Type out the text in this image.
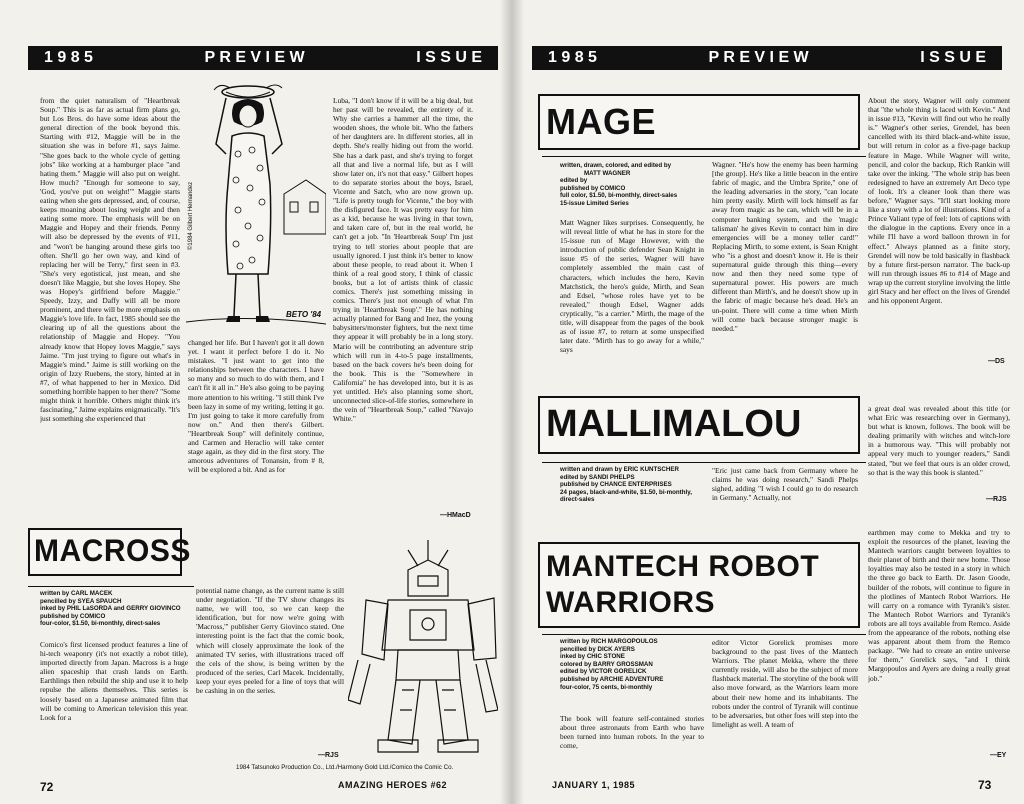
1 9 8 5	P R E V I E W	I S S U E
from the quiet naturalism of "Heartbreak Soup." This is as far as actual firm plans go, but Los Bros. do have some ideas about the general direction of the book beyond this. Starting with #12, Maggie will be in the situation she was in before #1, says Jaime. "She goes back to the whole cycle of getting jobs" like working at a hamburger place "and hating them." Maggie will also put on weight. How much? "Enough for someone to say, 'God, you've put on weight!'" Maggie starts eating when she gets depressed, and, of course, keeps moaning about losing weight and then eating some more. The emphasis will be on Maggie and Hopey and their friends. Penny will also be depressed by the events of #11, and "won't be hanging around these girls too often. She'll go her own way, and kind of replacing her will be Terry," first seen in #3. "She's very egotistical, just mean, and she doesn't like Maggie, but she loves Hopey. She was Hopey's girlfriend before Maggie." Speedy, Izzy, and Daffy will all be more prominent, and there will be more emphasis on Maggie's love life. In fact, 1985 should see the clearing up of all the questions about the relationship of Maggie and Hopey. "You already know that Hopey loves Maggie," says Jaime. "I'm just trying to figure out what's in Maggie's mind." Jaime is still working on the origin of Izzy Ruebens, the story, hinted at in #7, of what happened to her in Mexico. Did something horrible happen to her there? "Some might think it horrible. Others might think it's fascinating," Jaime explains enigmatically. "It's just something she experienced that
©1984 Gilbert Hernandez
BETO '84
changed her life. But I haven't got it all down yet. I want it perfect before I do it. No mistakes. "I just want to get into the relationships between the characters. I have so many and so much to do with them, and I can't fit it all in." He's also going to be paying more attention to his writing. "I still think I've been lazy in some of my writing, letting it go. I'm just going to take it more carefully from now on." And then there's Gilbert. "Heartbreak Soup" will definitely continue, and Carmen and Heraclio will take center stage again, as they did in the first story. The amorous adventures of Tonansin, from # 8, will be explored a bit. And as for
Luba, "I don't know if it will be a big deal, but her past will be revealed, the entirety of it. Why she carries a hammer all the time, the wooden shoes, the whole bit. Who the fathers of her daughters are. In different stories, all in depth. She's really hiding out from the world. She has a dark past, and she's trying to forget all that and live a normal life, but as I will show later on, it's not that easy." Gilbert hopes to do separate stories about the boys, Israel, Vicente and Satch, who are now grown up. "Life is pretty tough for Vicente," the boy with the disfigured face. It was pretty easy for him as a kid, because he was living in that town, and taken care of, but in the real world, he can't get a job. "In 'Heartbreak Soup' I'm just trying to tell stories about people that are usually ignored. I just think it's better to know about these people, to read about it. When I think of a real good story, I think of classic books, but a lot of artists think of classic comics. There's just something missing in comics. There's just not enough of what I'm trying in 'Heartbreak Soup'." He has nothing actually planned for Bang and Inez, the young babysitters/monster fighters, but the next time they appear it will probably be in a long story. Mario will be contributing an adventure strip which will run in 4-to-5 page installments, based on the back covers he's been doing for the book. This is the "Somewhere in California" he has developed into, but it is as yet untitled. He's also planning some short, unconnected slice-of-life stories, somewhere in the vein of "Heartbreak Soup," called "Navajo White."
—HMacD
MACROSS
written by CARL MACEK
pencilled by SYEA SPAUCH
inked by PHIL LaSORDA and GERRY GIOVINCO
published by COMICO
four-color, $1.50, bi-monthly, direct-sales
Comico's first licensed product features a line of hi-tech weaponry (it's not exactly a robot title), imported directly from Japan. Macross is a huge alien spaceship that crash lands on Earth. Earthlings then rebuild the ship and use it to help repulse the aliens themselves. This series is loosely based on a Japanese animated film that will be coming to American television this year. Look for a
potential name change, as the current name is still under negotiation. "If the TV show changes its name, we will too, so we can keep the identification, but for now we're going with 'Macross,'" publisher Gerry Giovinco stated. One interesting point is the fact that the comic book, which will closely approximate the look of the animated TV series, with illustrations traced off the cels of the show, is being written by the produced of the series, Carl Macek. Incidentally, keep your eyes peeled for a line of toys that will be cashing in on the series.
—RJS
1984 Tatsunoko Production Co., Ltd./Harmony Gold Ltd./Comico the Comic Co.
72	AMAZING HEROES #62
1 9 8 5	P R E V I E W	I S S U E
MAGE
written, drawn, colored, and edited by
MATT WAGNER
edited by
published by COMICO
full color, $1.50, bi-monthly, direct-sales
15-issue Limited Series
Matt Wagner likes surprises. Consequently, he will reveal little of what he has in store for the 15-issue run of Mage However, with the introduction of public defender Sean Knight in issue #5 of the series, Wagner will have completely assembled the main cast of characters, which includes the hero, Kevin Matchstick, the hero's guide, Mirth, and Sean and Edsel, "whose roles have yet to be revealed," though Edsel, Wagner adds cryptically, "is a carrier." Mirth, the mage of the title, will disappear from the pages of the book as of issue #7, to return at some unspecified later date. "Mirth has to go away for a while," says
Wagner. "He's how the enemy has been harming [the group]. He's like a little beacon in the entire fabric of magic, and the Umbra Sprite," one of the leading adversaries in the story, "can locate him pretty easily. Mirth will lock himself as far away from magic as he can, which will be in a computer banking system, and the 'magic talisman' he gives Kevin to contact him in dire emergencies will be a money teller card!" Replacing Mirth, to some extent, is Sean Knight who "is a ghost and doesn't know it. He is their supernatural guide through this thing—every now and then they need some type of supernatural power. His powers are much different than Mirth's, and he doesn't show up in the fabric of magic because he's dead. He's an un-point. There will come a time when Mirth will come back because stronger magic is needed."
About the story, Wagner will only comment that "the whole thing is laced with Kevin." And in issue #13, "Kevin will find out who he really is." Wagner's other series, Grendel, has been cancelled with its third black-and-white issue, but will return in color as a five-page backup feature in Mage. While Wagner will write, pencil, and color the backup, Rich Rankin will take over the inking. "The whole strip has been redesigned to have an extremely Art Deco type of look. It's a cleaner look than there was before," Wagner says. "It'll start looking more like a story with a lot of illustrations. Kind of a Prince Valiant type of feel: lots of captions with the dialogue in the captions. Every once in a while I'll have a word balloon thrown in for effect." Always planned as a finite story, Grendel will now be told basically in flashback by a future first-person narrator. The back-up will run through issues #6 to #14 of Mage and wrap up the current storyline involving the little girl Stacy and her effect on the lives of Grendel and his opponent Argent.
—DS
MALLIMALOU
written and drawn by ERIC KUNTSCHER
edited by SANDI PHELPS
published by CHANCE ENTERPRISES
24 pages, black-and-white, $1.50, bi-monthly, direct-sales
"Eric just came back from Germany where he claims he was doing research," Sandi Phelps sighed, adding "I wish I could go to do research in Germany." Actually, not
a great deal was revealed about this title (or what Eric was researching over in Germany), but what is known, follows. The book will be dealing primarily with witches and witch-lore in a humorous way. "This will probably not appeal very much to younger readers," Sandi stated, "but we feel that ours is an older crowd, so that is the way this book is slanted."
—RJS
MANTECH ROBOT
WARRIORS
written by RICH MARGOPOULOS
pencilled by DICK AYERS
inked by CHIC STONE
colored by BARRY GROSSMAN
edited by VICTOR GORELICK
published by ARCHIE ADVENTURE
four-color, 75 cents, bi-monthly
The book will feature self-contained stories about three astronauts from Earth who have been turned into human robots. In the year to come,
editor Victor Gorelick promises more background to the past lives of the Mantech Warriors. The planet Mekka, where the three currently reside, will also be the subject of more flashback material. The storyline of the book will also move forward, as the Warriors learn more about their new home and its inhabitants. The robots under the control of Tyranik will continue to be adversaries, but other foes will step into the limelight as well. A team of
earthmen may come to Mekka and try to exploit the resources of the planet, leaving the Mantech warriors caught between loyalties to their planet of birth and their new home. Those loyalties may also be tested in a story in which the three go back to Earth. Dr. Jason Goode, builder of the robots, will continue to figure in the plotlines of Mantech Robot Warriors. He will carry on a romance with Tyranik's sister. The Mantech Robot Warriors and Tyranik's robots are all toys available from Remco. Aside from the appearance of the robots, nothing else was apparent about them from the Remco package. "We had to create an entire universe for them," Gorelick says, "and I think Margopoulos and Ayers are doing a really great job."
—EY
JANUARY 1, 1985	73
